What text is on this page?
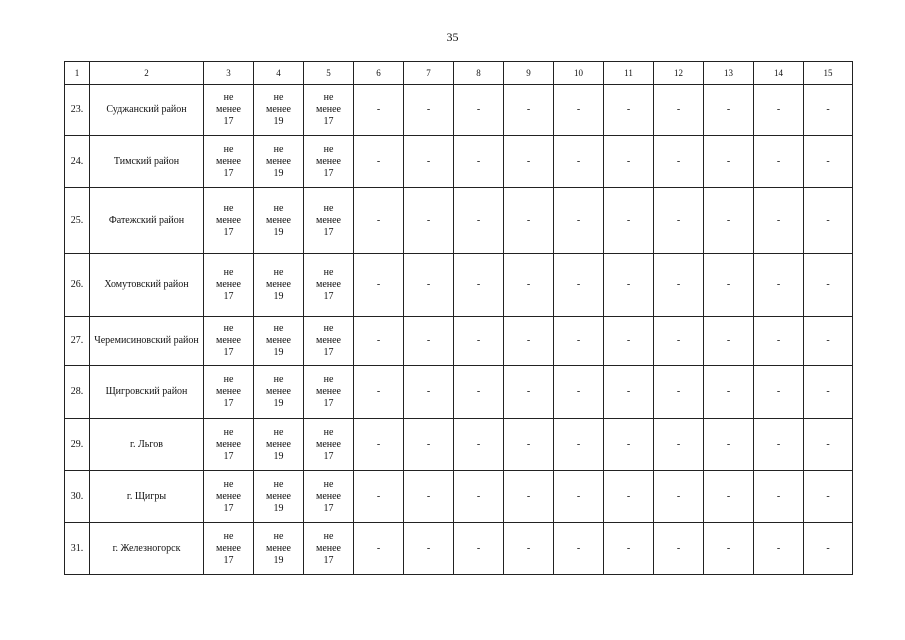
35
1	2	3	4	5	6	7	8	9	10	11	12	13	14	15
23.	Суджанский район	не
менее
17	не
менее
19	не
менее
17	-	-	-	-	-	-	-	-	-	-
24.	Тимский район	не
менее
17	не
менее
19	не
менее
17	-	-	-	-	-	-	-	-	-	-
25.	Фатежский район	не
менее
17	не
менее
19	не
менее
17	-	-	-	-	-	-	-	-	-	-
26.	Хомутовский район	не
менее
17	не
менее
19	не
менее
17	-	-	-	-	-	-	-	-	-	-
27.	Черемисиновский район	не
менее
17	не
менее
19	не
менее
17	-	-	-	-	-	-	-	-	-	-
28.	Щигровский район	не
менее
17	не
менее
19	не
менее
17	-	-	-	-	-	-	-	-	-	-
29.	г. Льгов	не
менее
17	не
менее
19	не
менее
17	-	-	-	-	-	-	-	-	-	-
30.	г. Щигры	не
менее
17	не
менее
19	не
менее
17	-	-	-	-	-	-	-	-	-	-
31.	г. Железногорск	не
менее
17	не
менее
19	не
менее
17	-	-	-	-	-	-	-	-	-	-
